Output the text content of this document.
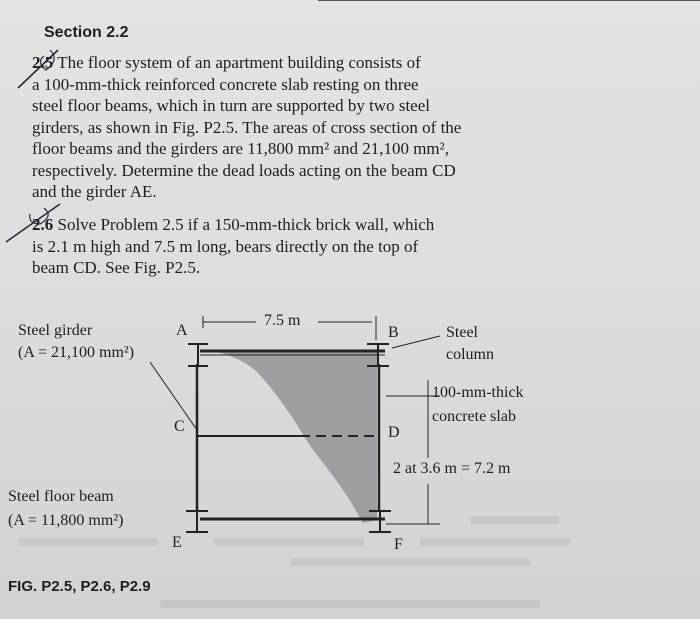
Section 2.2
2.5 The floor system of an apartment building consists of
a 100-mm-thick reinforced concrete slab resting on three
steel floor beams, which in turn are supported by two steel
girders, as shown in Fig. P2.5. The areas of cross section of the
floor beams and the girders are 11,800 mm² and 21,100 mm²,
respectively. Determine the dead loads acting on the beam CD
and the girder AE.
2.6 Solve Problem 2.5 if a 150-mm-thick brick wall, which
is 2.1 m high and 7.5 m long, bears directly on the top of
beam CD. See Fig. P2.5.
Steel girder
(A = 21,100 mm²)
A
7.5 m
B	Steel
column
100-mm-thick
concrete slab
C	D
2 at 3.6 m = 7.2 m
Steel floor beam
(A = 11,800 mm²)
E	F
FIG. P2.5, P2.6, P2.9
